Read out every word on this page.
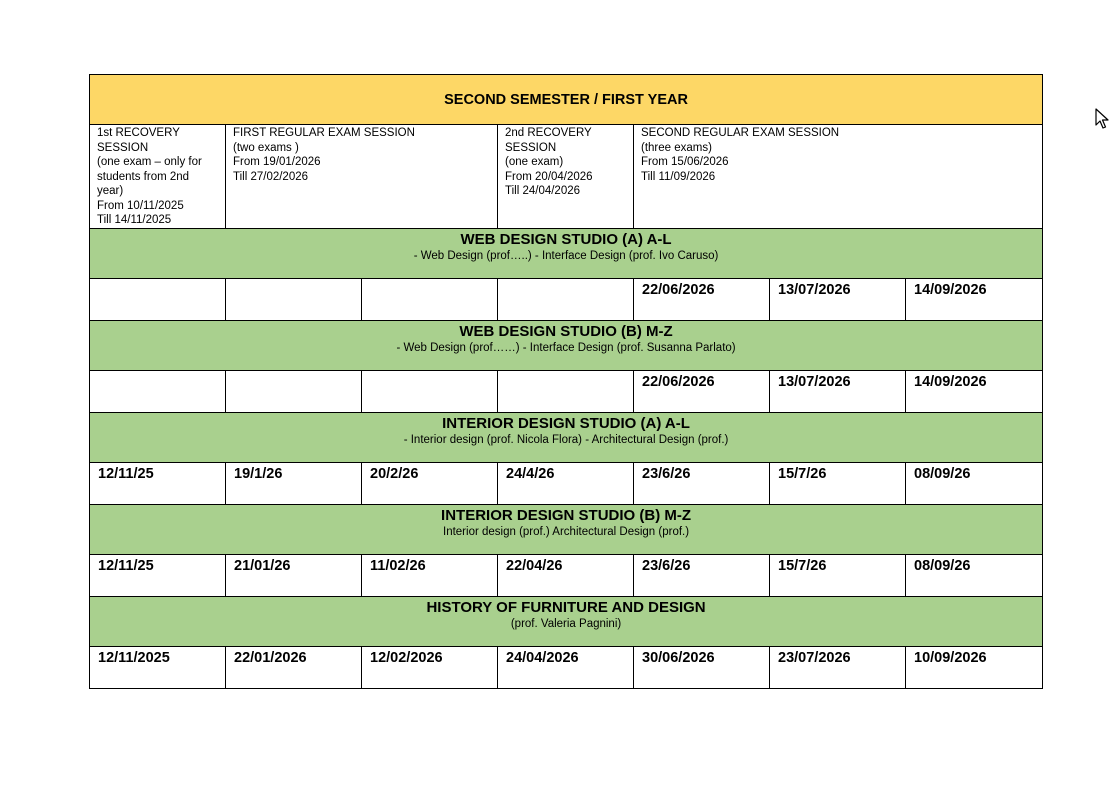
SECOND SEMESTER / FIRST YEAR						

1st RECOVERY SESSION
(one exam – only for students from 2nd year)
From 10/11/2025
Till 14/11/2025	FIRST REGULAR EXAM SESSION
(two exams )
From 19/01/2026
Till 27/02/2026		2nd RECOVERY SESSION
(one exam)
From 20/04/2026
Till 24/04/2026	SECOND REGULAR EXAM SESSION
(three exams)
From 15/06/2026
Till 11/09/2026		

WEB DESIGN STUDIO (A) A-L
- Web Design (prof…..) - Interface Design (prof. Ivo Caruso)						

				22/06/2026	13/07/2026	14/09/2026

WEB DESIGN STUDIO (B) M-Z
- Web Design (prof……) - Interface Design (prof. Susanna Parlato)						

				22/06/2026	13/07/2026	14/09/2026

INTERIOR DESIGN STUDIO (A) A-L
- Interior design (prof. Nicola Flora) - Architectural Design (prof.)						

12/11/25	19/1/26	20/2/26	24/4/26	23/6/26	15/7/26	08/09/26

INTERIOR DESIGN STUDIO (B) M-Z
Interior design (prof.) Architectural Design (prof.)						

12/11/25	21/01/26	11/02/26	22/04/26	23/6/26	15/7/26	08/09/26

HISTORY OF FURNITURE AND DESIGN
(prof. Valeria Pagnini)						

12/11/2025	22/01/2026	12/02/2026	24/04/2026	30/06/2026	23/07/2026	10/09/2026
